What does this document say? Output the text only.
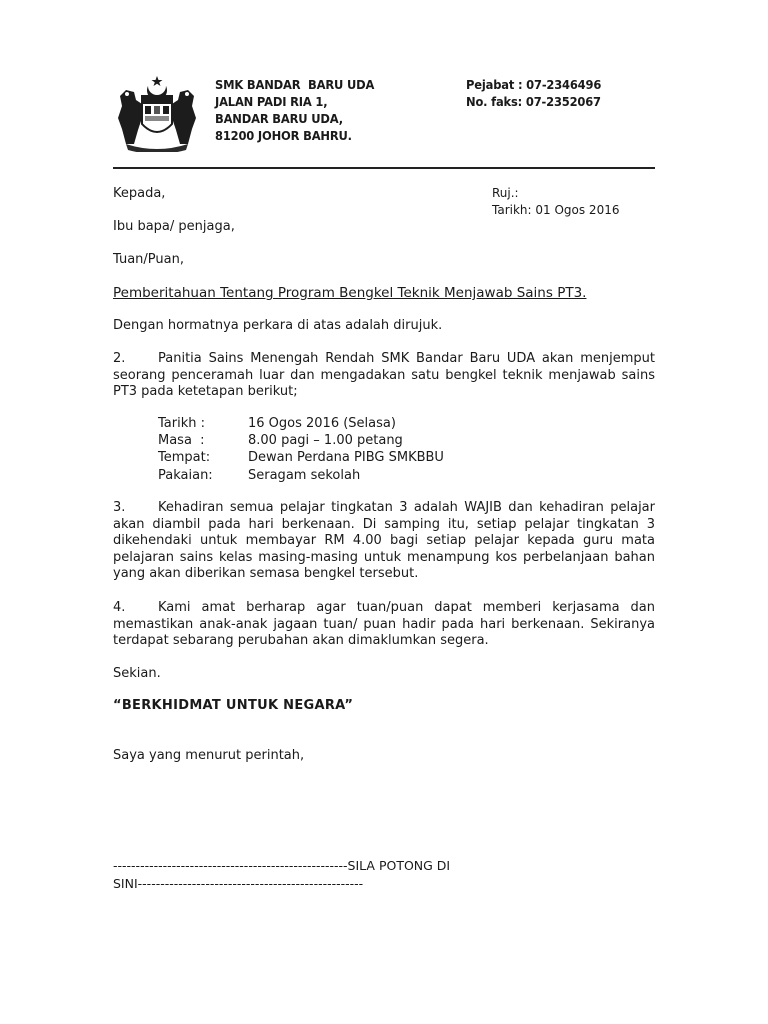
SMK BANDAR  BARU UDA
JALAN PADI RIA 1,
BANDAR BARU UDA,
81200 JOHOR BAHRU.
Pejabat : 07-2346496
No. faks: 07-2352067
Kepada,
Ibu bapa/ penjaga,
Tuan/Puan,
Ruj.:
Tarikh: 01 Ogos 2016
Pemberitahuan Tentang Program Bengkel Teknik Menjawab Sains PT3.
Dengan hormatnya perkara di atas adalah dirujuk.
2.	Panitia Sains Menengah Rendah SMK Bandar Baru UDA akan menjemput seorang penceramah luar dan mengadakan satu bengkel teknik menjawab sains PT3 pada ketetapan berikut;
Tarikh :	16 Ogos 2016 (Selasa)
Masa  :	8.00 pagi – 1.00 petang
Tempat:	Dewan Perdana PIBG SMKBBU
Pakaian:	Seragam sekolah
3.	Kehadiran semua pelajar tingkatan 3 adalah WAJIB dan kehadiran pelajar akan diambil pada hari berkenaan. Di samping itu, setiap pelajar tingkatan 3 dikehendaki untuk membayar RM 4.00 bagi setiap pelajar kepada guru mata pelajaran sains kelas masing-masing untuk menampung kos perbelanjaan bahan yang akan diberikan semasa bengkel tersebut.
4.	Kami amat berharap agar tuan/puan dapat memberi kerjasama dan memastikan anak-anak jagaan tuan/ puan hadir pada hari berkenaan. Sekiranya terdapat sebarang perubahan akan dimaklumkan segera.
Sekian.
“BERKHIDMAT UNTUK NEGARA”
Saya yang menurut perintah,
----------------------------------------------------SILA POTONG DI
SINI--------------------------------------------------
